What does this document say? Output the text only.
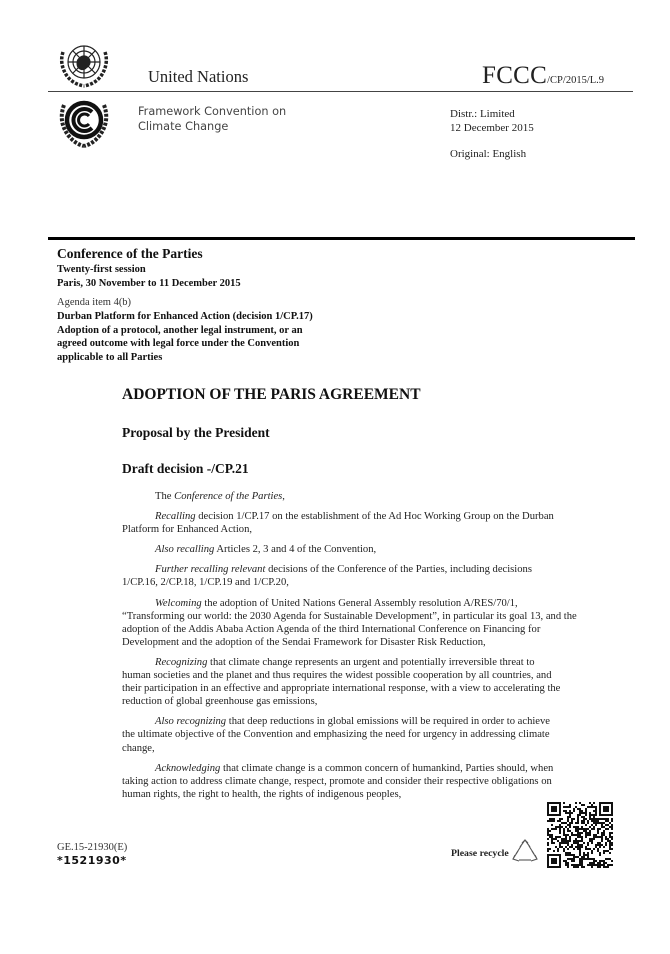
United Nations	FCCC/CP/2015/L.9
Framework Convention on
Climate Change
Distr.: Limited
12 December 2015
Original: English
Conference of the Parties
Twenty-first session
Paris, 30 November to 11 December 2015
Agenda item 4(b)
Durban Platform for Enhanced Action (decision 1/CP.17)
Adoption of a protocol, another legal instrument, or an agreed outcome with legal force under the Convention applicable to all Parties
ADOPTION OF THE PARIS AGREEMENT
Proposal by the President
Draft decision -/CP.21

The Conference of the Parties,

Recalling decision 1/CP.17 on the establishment of the Ad Hoc Working Group on the Durban Platform for Enhanced Action,

Also recalling Articles 2, 3 and 4 of the Convention,

Further recalling relevant decisions of the Conference of the Parties, including decisions 1/CP.16, 2/CP.18, 1/CP.19 and 1/CP.20,

Welcoming the adoption of United Nations General Assembly resolution A/RES/70/1, “Transforming our world: the 2030 Agenda for Sustainable Development”, in particular its goal 13, and the adoption of the Addis Ababa Action Agenda of the third International Conference on Financing for Development and the adoption of the Sendai Framework for Disaster Risk Reduction,

Recognizing that climate change represents an urgent and potentially irreversible threat to human societies and the planet and thus requires the widest possible cooperation by all countries, and their participation in an effective and appropriate international response, with a view to accelerating the reduction of global greenhouse gas emissions,

Also recognizing that deep reductions in global emissions will be required in order to achieve the ultimate objective of the Convention and emphasizing the need for urgency in addressing climate change,

Acknowledging that climate change is a common concern of humankind, Parties should, when taking action to address climate change, respect, promote and consider their respective obligations on human rights, the right to health, the rights of indigenous peoples,

GE.15-21930(E)
*1521930*
Please recycle
